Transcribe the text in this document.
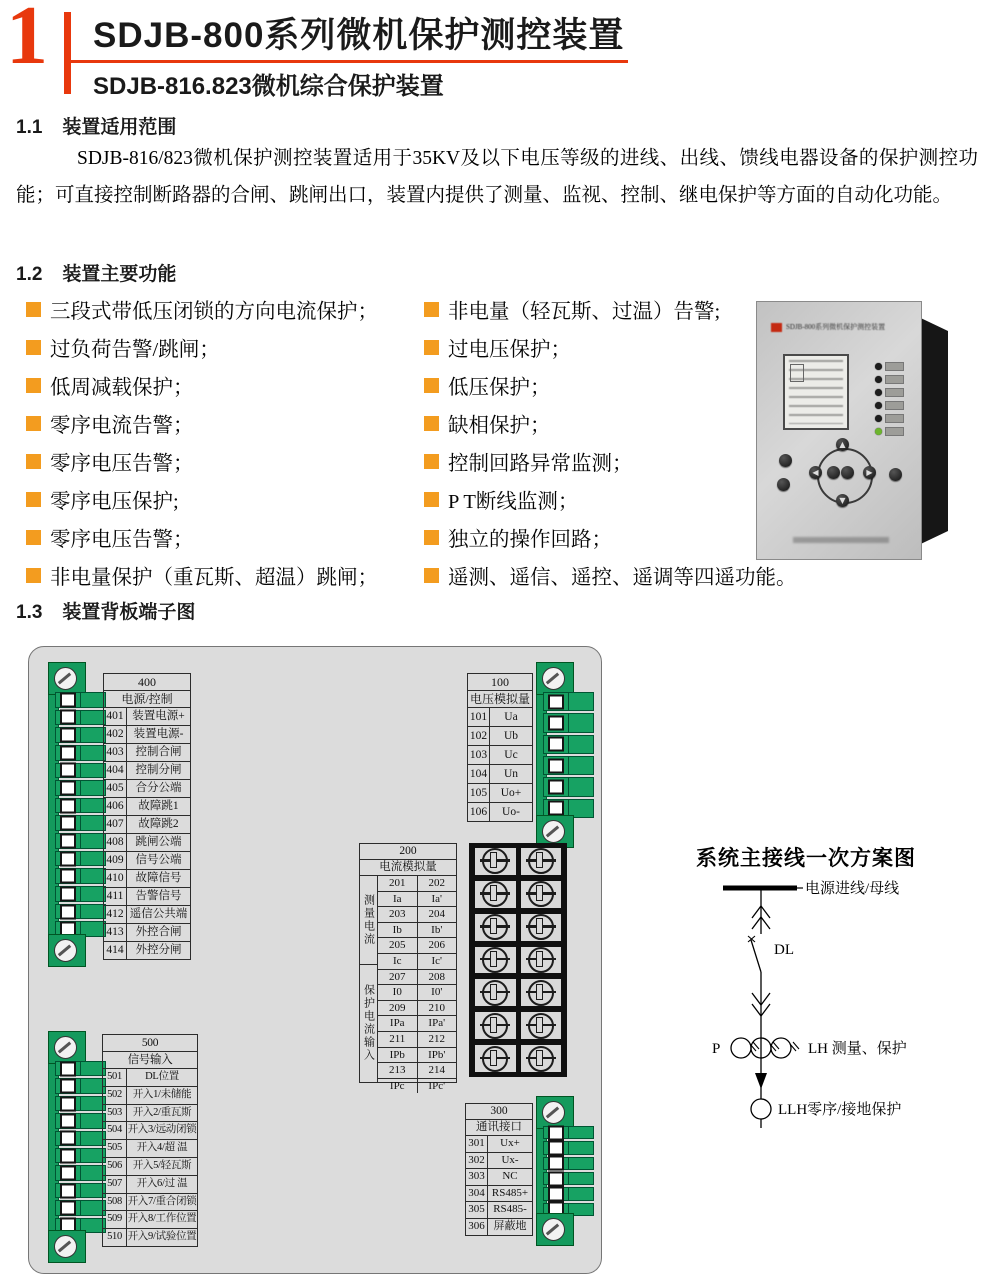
1 SDJB-800系列微机保护测控装置
SDJB-816.823微机综合保护装置
1.1 装置适用范围
SDJB-816/823微机保护测控装置适用于35KV及以下电压等级的进线、出线、馈线电器设备的保护测控功能；可直接控制断路器的合闸、跳闸出口，装置内提供了测量、监视、控制、继电保护等方面的自动化功能。
1.2 装置主要功能
三段式带低压闭锁的方向电流保护；
过负荷告警/跳闸；
低周减载保护；
零序电流告警；
零序电压告警；
零序电压保护;
零序电压告警；
非电量保护（重瓦斯、超温）跳闸；
非电量（轻瓦斯、过温）告警;
过电压保护；
低压保护；
缺相保护；
控制回路异常监测；
P T断线监测；
独立的操作回路；
遥测、遥信、遥控、遥调等四遥功能。
SDJB-800系列微机保护测控装置
▲
▼
◀	▶
1.3 装置背板端子图
400
电源/控制
401 装置电源+
402 装置电源-
403	控制合闸
404	控制分闸
405	合分公端
406	故障跳1
407	故障跳2
408	跳闸公端
409	信号公端
410	故障信号
411	告警信号
412 遥信公共端
413	外控合闸
414	外控分闸
100
电压模拟量
101	Ua
102	Ub
103	Uc
104	Un
105	Uo+
106	Uo-
200
电流模拟量
测量电流
保护电流输入
201	202
Ia	Ia'
203	204
Ib	Ib'
205	206
Ic	Ic'
207	208
I0	I0'
209	210
IPa	IPa'
211	212
IPb	IPb'
213	214
IPc	IPc'
500
信号输入
501	DL位置
502	开入1/未储能
503	开入2/重瓦斯
504 开入3/远动闭锁
505	开入4/超 温
506	开入5/轻瓦斯
507	开入6/过 温
508 开入7/重合闭锁
509 开入8/工作位置
510 开入9/试验位置
300
通讯接口
301	Ux+
302	Ux-
303	NC
304 RS485+
305 RS485-
306 屏蔽地
系统主接线一次方案图
电源进线/母线
DL
P	LH 测量、保护
LLH零序/接地保护
